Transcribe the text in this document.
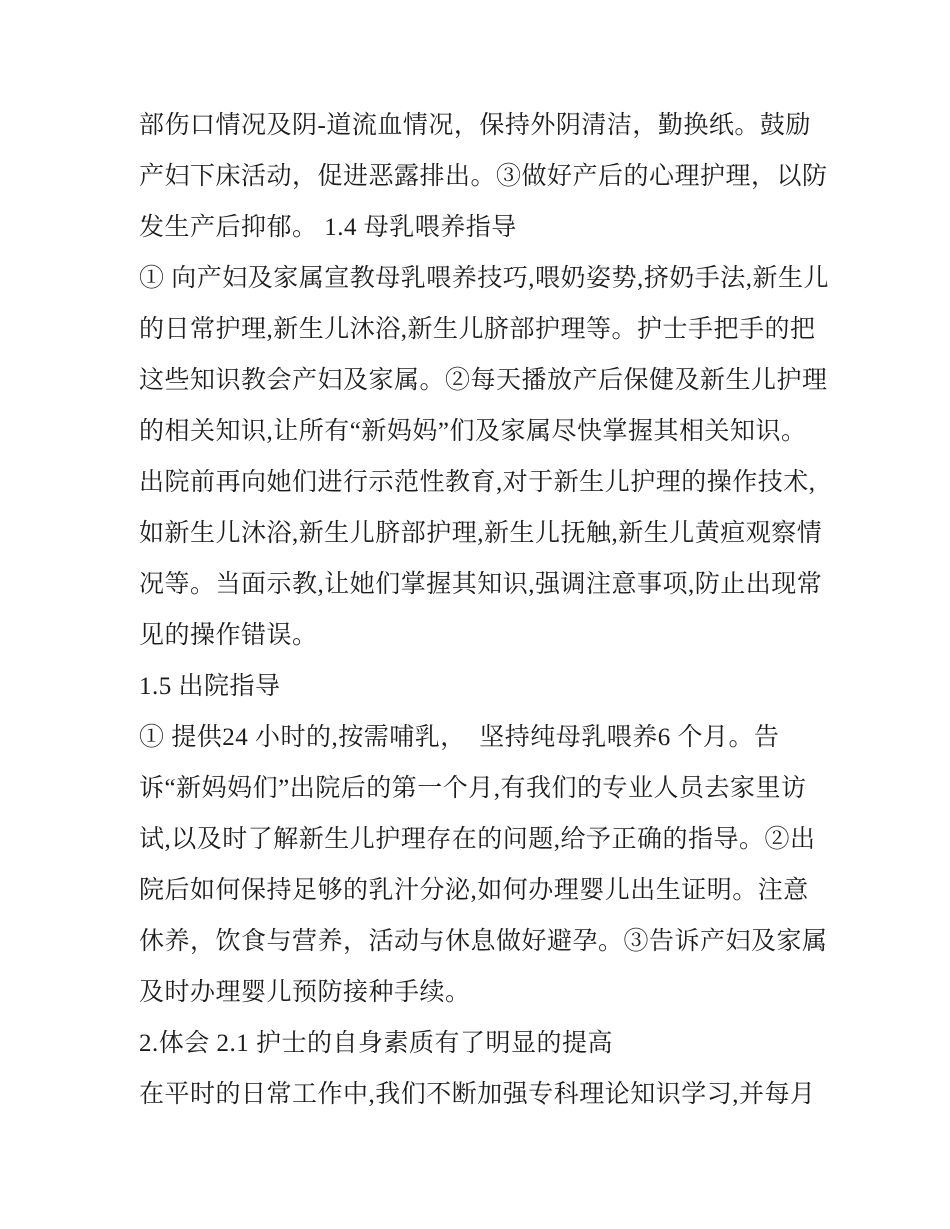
部伤口情况及阴-道流血情况，保持外阴清洁，勤换纸。鼓励
产妇下床活动，促进恶露排出。③做好产后的心理护理，以防
发生产后抑郁。 1.4 母乳喂养指导
① 向产妇及家属宣教母乳喂养技巧,喂奶姿势,挤奶手法,新生儿
的日常护理,新生儿沐浴,新生儿脐部护理等。护士手把手的把
这些知识教会产妇及家属。②每天播放产后保健及新生儿护理
的相关知识,让所有“新妈妈”们及家属尽快掌握其相关知识。
出院前再向她们进行示范性教育,对于新生儿护理的操作技术,
如新生儿沐浴,新生儿脐部护理,新生儿抚触,新生儿黄疸观察情
况等。当面示教,让她们掌握其知识,强调注意事项,防止出现常
见的操作错误。
1.5 出院指导
① 提供24 小时的,按需哺乳，  坚持纯母乳喂养6 个月。告
诉“新妈妈们”出院后的第一个月,有我们的专业人员去家里访
试,以及时了解新生儿护理存在的问题,给予正确的指导。②出
院后如何保持足够的乳汁分泌,如何办理婴儿出生证明。注意
休养，饮食与营养，活动与休息做好避孕。③告诉产妇及家属
及时办理婴儿预防接种手续。
2.体会 2.1 护士的自身素质有了明显的提高
在平时的日常工作中,我们不断加强专科理论知识学习,并每月
